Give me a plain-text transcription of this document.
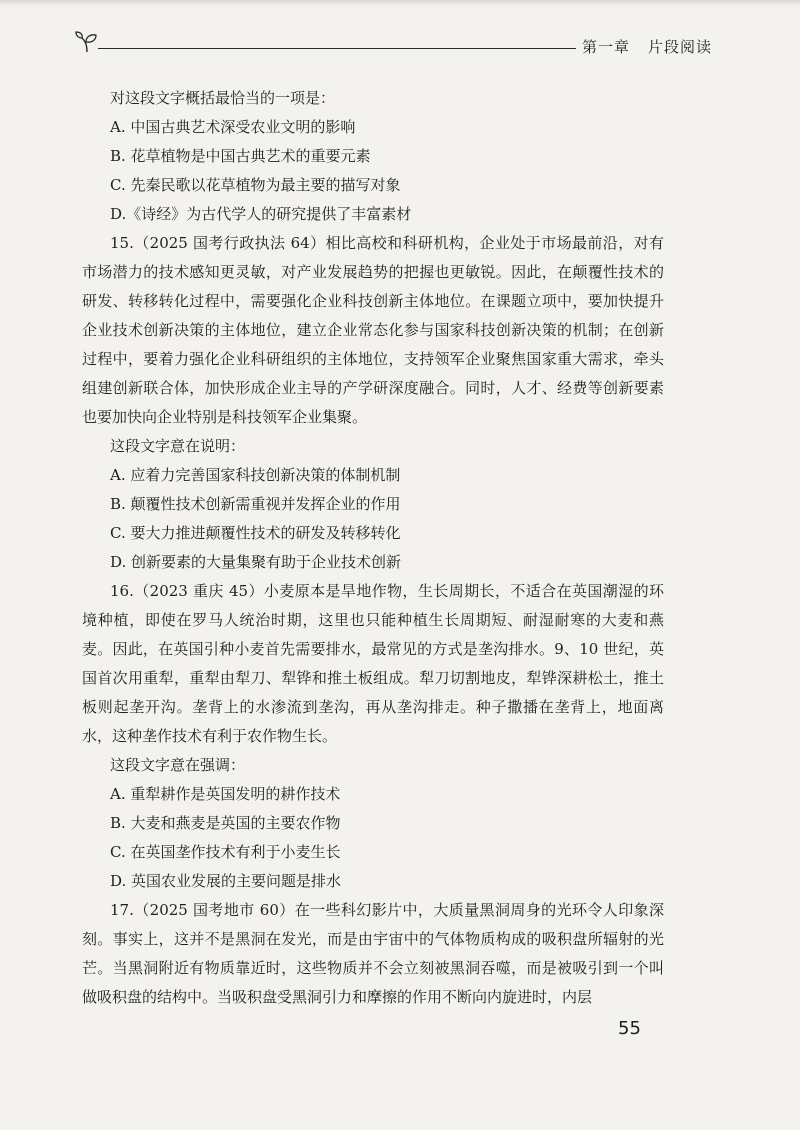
第一章 片段阅读

对这段文字概括最恰当的一项是：

A. 中国古典艺术深受农业文明的影响

B. 花草植物是中国古典艺术的重要元素

C. 先秦民歌以花草植物为最主要的描写对象

D.《诗经》为古代学人的研究提供了丰富素材

15.（2025 国考行政执法 64）相比高校和科研机构，企业处于市场最前沿，对有市场潜力的技术感知更灵敏，对产业发展趋势的把握也更敏锐。因此，在颠覆性技术的研发、转移转化过程中，需要强化企业科技创新主体地位。在课题立项中，要加快提升企业技术创新决策的主体地位，建立企业常态化参与国家科技创新决策的机制；在创新过程中，要着力强化企业科研组织的主体地位，支持领军企业聚焦国家重大需求，牵头组建创新联合体，加快形成企业主导的产学研深度融合。同时，人才、经费等创新要素也要加快向企业特别是科技领军企业集聚。

这段文字意在说明：

A. 应着力完善国家科技创新决策的体制机制

B. 颠覆性技术创新需重视并发挥企业的作用

C. 要大力推进颠覆性技术的研发及转移转化

D. 创新要素的大量集聚有助于企业技术创新

16.（2023 重庆 45）小麦原本是旱地作物，生长周期长，不适合在英国潮湿的环境种植，即使在罗马人统治时期，这里也只能种植生长周期短、耐湿耐寒的大麦和燕麦。因此，在英国引种小麦首先需要排水，最常见的方式是垄沟排水。9、10 世纪，英国首次用重犁，重犁由犁刀、犁铧和推土板组成。犁刀切割地皮，犁铧深耕松土，推土板则起垄开沟。垄背上的水渗流到垄沟，再从垄沟排走。种子撒播在垄背上，地面离水，这种垄作技术有利于农作物生长。

这段文字意在强调：

A. 重犁耕作是英国发明的耕作技术

B. 大麦和燕麦是英国的主要农作物

C. 在英国垄作技术有利于小麦生长

D. 英国农业发展的主要问题是排水

17.（2025 国考地市 60）在一些科幻影片中，大质量黑洞周身的光环令人印象深刻。事实上，这并不是黑洞在发光，而是由宇宙中的气体物质构成的吸积盘所辐射的光芒。当黑洞附近有物质靠近时，这些物质并不会立刻被黑洞吞噬，而是被吸引到一个叫做吸积盘的结构中。当吸积盘受黑洞引力和摩擦的作用不断向内旋进时，内层

55
